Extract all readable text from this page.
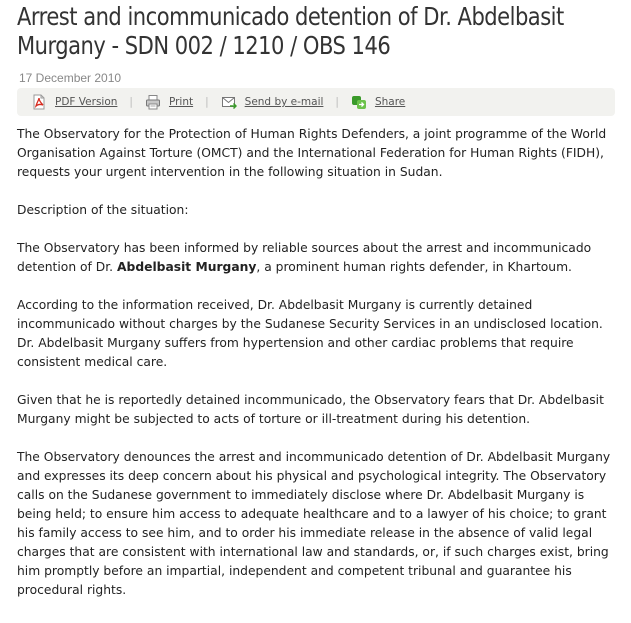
Arrest and incommunicado detention of Dr. Abdelbasit Murgany - SDN 002 / 1210 / OBS 146
17 December 2010
PDF Version |	Print |	Send by e-mail |	Share

The Observatory for the Protection of Human Rights Defenders, a joint programme of the World Organisation Against Torture (OMCT) and the International Federation for Human Rights (FIDH), requests your urgent intervention in the following situation in Sudan.

Description of the situation:

The Observatory has been informed by reliable sources about the arrest and incommunicado detention of Dr. Abdelbasit Murgany, a prominent human rights defender, in Khartoum.

According to the information received, Dr. Abdelbasit Murgany is currently detained incommunicado without charges by the Sudanese Security Services in an undisclosed location. Dr. Abdelbasit Murgany suffers from hypertension and other cardiac problems that require consistent medical care.

Given that he is reportedly detained incommunicado, the Observatory fears that Dr. Abdelbasit Murgany might be subjected to acts of torture or ill-treatment during his detention.

The Observatory denounces the arrest and incommunicado detention of Dr. Abdelbasit Murgany and expresses its deep concern about his physical and psychological integrity. The Observatory calls on the Sudanese government to immediately disclose where Dr. Abdelbasit Murgany is being held; to ensure him access to adequate healthcare and to a lawyer of his choice; to grant his family access to see him, and to order his immediate release in the absence of valid legal charges that are consistent with international law and standards, or, if such charges exist, bring him promptly before an impartial, independent and competent tribunal and guarantee his procedural rights.
